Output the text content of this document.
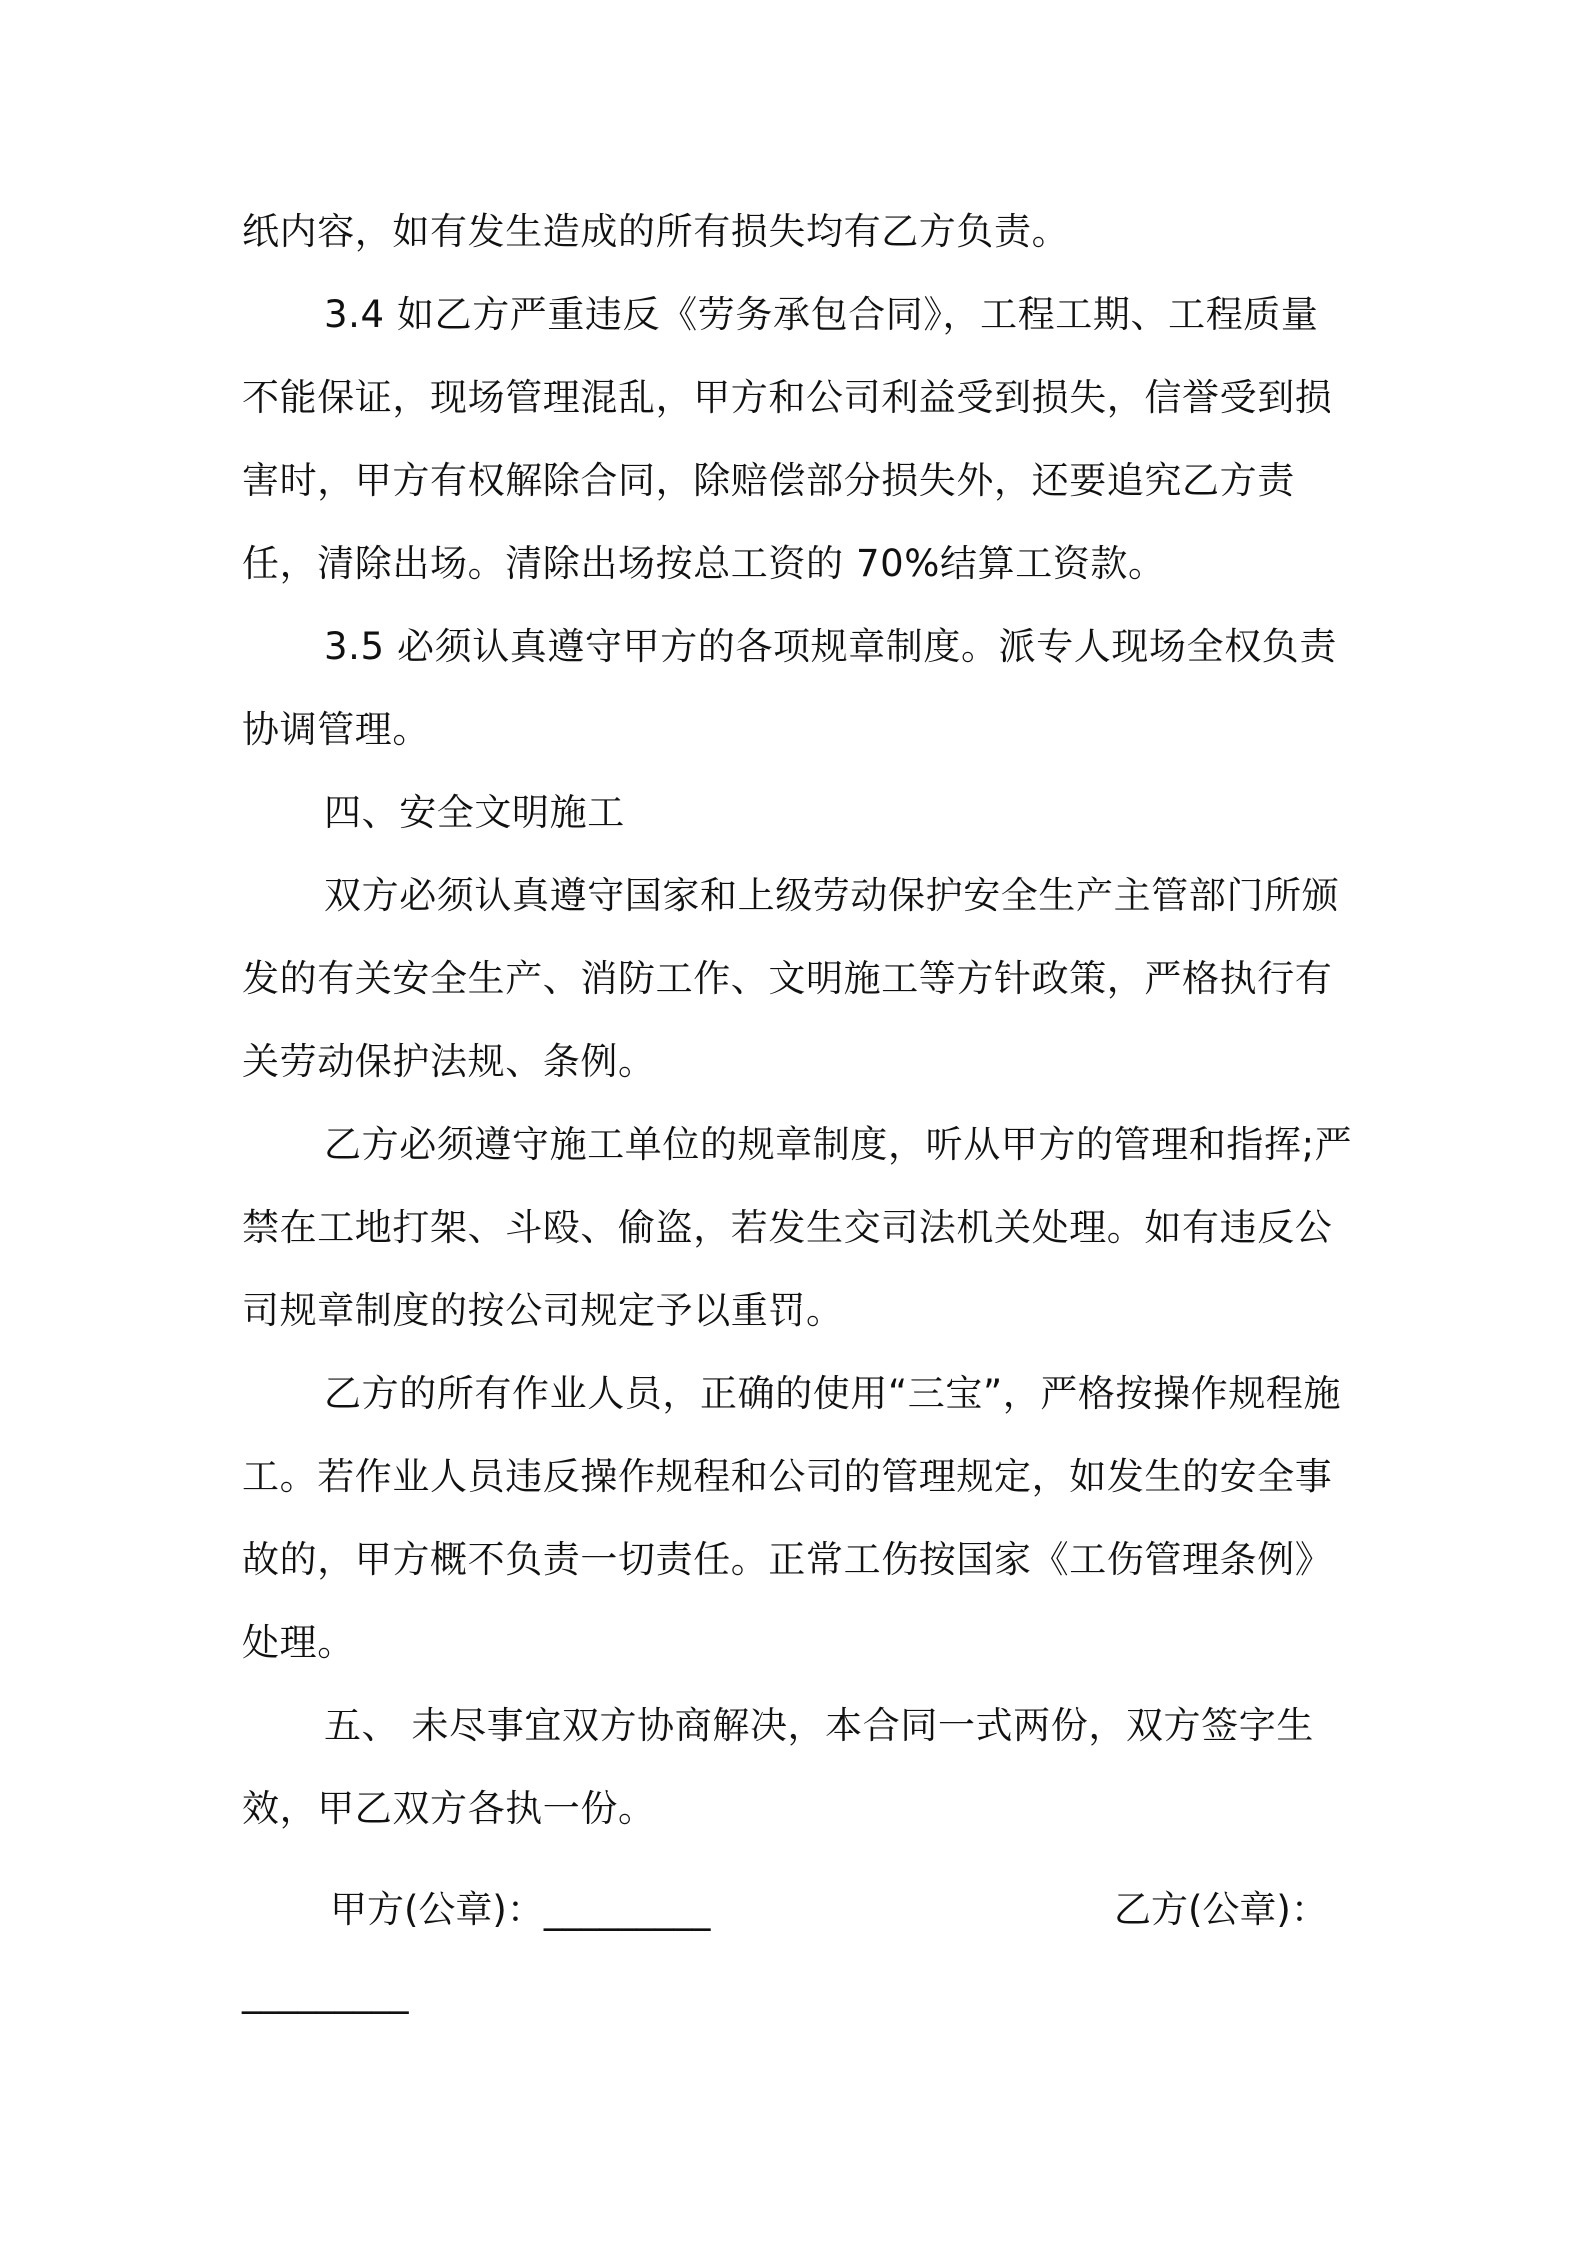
纸内容，如有发生造成的所有损失均有乙方负责。

3.4 如乙方严重违反《劳务承包合同》，工程工期、工程质量不能保证，现场管理混乱，甲方和公司利益受到损失，信誉受到损害时，甲方有权解除合同，除赔偿部分损失外，还要追究乙方责任，清除出场。清除出场按总工资的 70%结算工资款。

3.5 必须认真遵守甲方的各项规章制度。派专人现场全权负责协调管理。

四、安全文明施工

双方必须认真遵守国家和上级劳动保护安全生产主管部门所颁发的有关安全生产、消防工作、文明施工等方针政策，严格执行有关劳动保护法规、条例。

乙方必须遵守施工单位的规章制度，听从甲方的管理和指挥;严禁在工地打架、斗殴、偷盗，若发生交司法机关处理。如有违反公司规章制度的按公司规定予以重罚。

乙方的所有作业人员，正确的使用“三宝”，严格按操作规程施工。若作业人员违反操作规程和公司的管理规定，如发生的安全事故的，甲方概不负责一切责任。正常工伤按国家《工伤管理条例》处理。

五、 未尽事宜双方协商解决，本合同一式两份，双方签字生效，甲乙双方各执一份。

甲方(公章)：_________	乙方(公章)：
_________
